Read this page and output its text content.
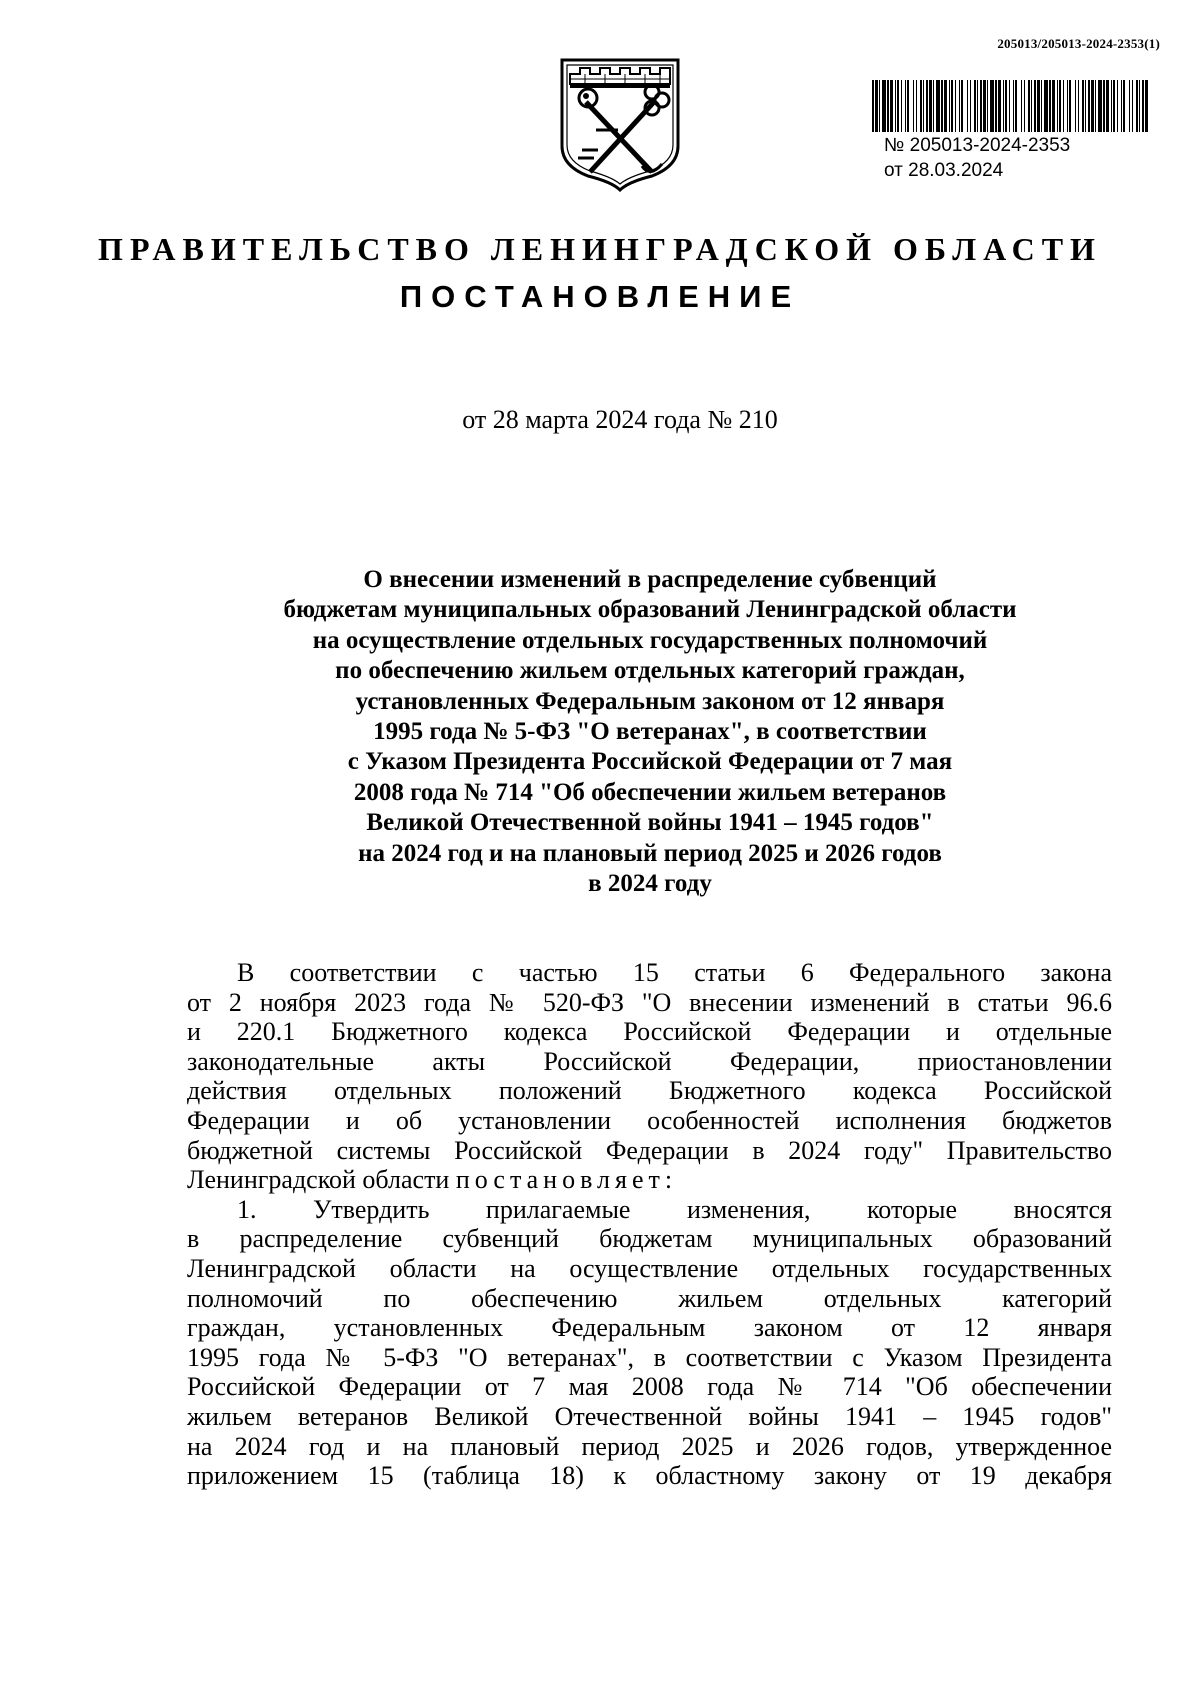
205013/205013-2024-2353(1)
№ 205013-2024-2353
от 28.03.2024
ПРАВИТЕЛЬСТВО ЛЕНИНГРАДСКОЙ ОБЛАСТИ
ПОСТАНОВЛЕНИЕ
от 28 марта 2024 года № 210
О внесении изменений в распределение субвенций
бюджетам муниципальных образований Ленинградской области
на осуществление отдельных государственных полномочий
по обеспечению жильем отдельных категорий граждан,
установленных Федеральным законом от 12 января
1995 года № 5-ФЗ "О ветеранах", в соответствии
с Указом Президента Российской Федерации от 7 мая
2008 года № 714 "Об обеспечении жильем ветеранов
Великой Отечественной войны 1941 – 1945 годов"
на 2024 год и на плановый период 2025 и 2026 годов
в 2024 году
В соответствии с частью 15 статьи 6 Федерального закона
от 2 ноября 2023 года № 520-ФЗ "О внесении изменений в статьи 96.6
и 220.1 Бюджетного кодекса Российской Федерации и отдельные
законодательные акты Российской Федерации, приостановлении
действия отдельных положений Бюджетного кодекса Российской
Федерации и об установлении особенностей исполнения бюджетов
бюджетной системы Российской Федерации в 2024 году" Правительство
Ленинградской области постановляет:
1. Утвердить прилагаемые изменения, которые вносятся
в распределение субвенций бюджетам муниципальных образований
Ленинградской области на осуществление отдельных государственных
полномочий по обеспечению жильем отдельных категорий
граждан, установленных Федеральным законом от 12 января
1995 года № 5-ФЗ "О ветеранах", в соответствии с Указом Президента
Российской Федерации от 7 мая 2008 года № 714 "Об обеспечении
жильем ветеранов Великой Отечественной войны 1941 – 1945 годов"
на 2024 год и на плановый период 2025 и 2026 годов, утвержденное
приложением 15 (таблица 18) к областному закону от 19 декабря
